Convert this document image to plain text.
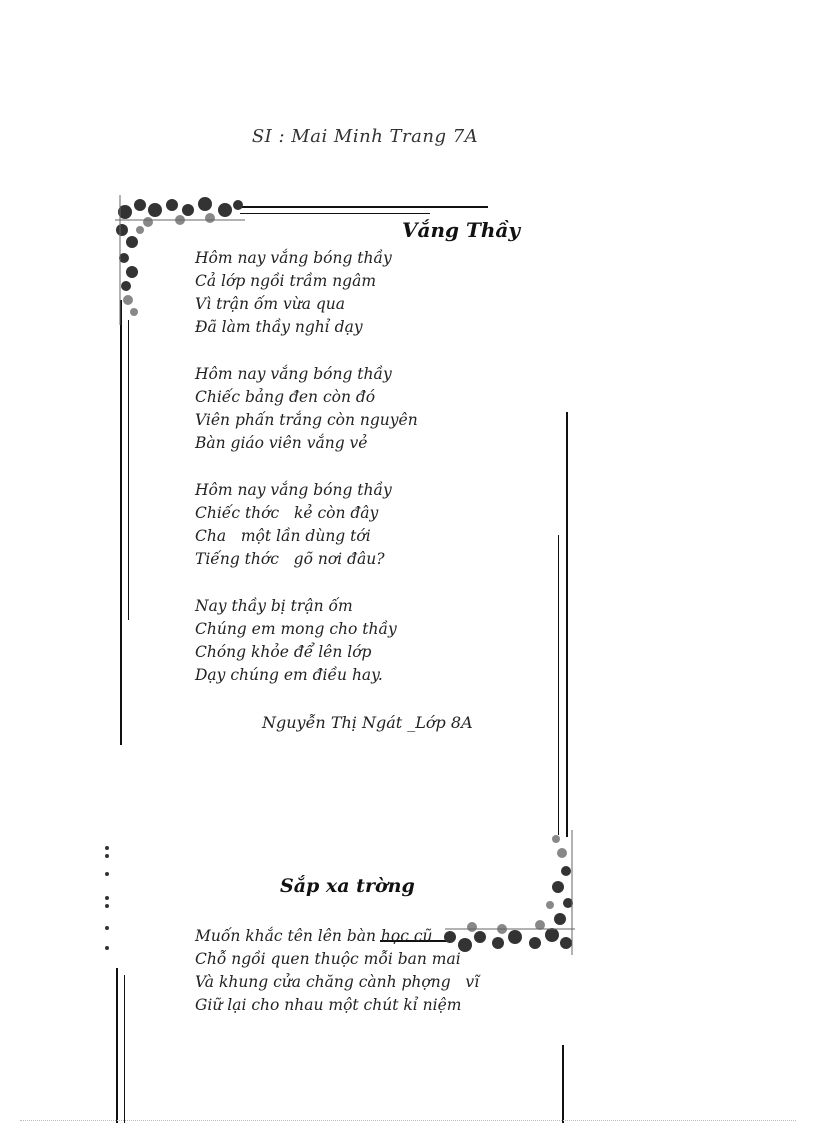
SI : Mai Minh Trang 7A
Vắng Thầy
Hôm nay vắng bóng thầy
Cả lớp ngồi trầm ngâm
Vì trận ốm vừa qua
Đã làm thầy nghỉ dạy
Hôm nay vắng bóng thầy
Chiếc bảng đen còn đó
Viên phấn trắng còn nguyên
Bàn giáo viên vắng vẻ
Hôm nay vắng bóng thầy
Chiếc thớc   kẻ còn đây
Cha   một lần dùng tới
Tiếng thớc   gõ nơi đâu?
Nay thầy bị trận ốm
Chúng em mong cho thầy
Chóng khỏe để lên lớp
Dạy chúng em điều hay.
Nguyễn Thị Ngát _Lớp 8A
Sắp xa trờng
Muốn khắc tên lên bàn học cũ
Chỗ ngồi quen thuộc mỗi ban mai
Và khung cửa chăng cành phợng   vĩ
Giữ lại cho nhau một chút kỉ niệm
